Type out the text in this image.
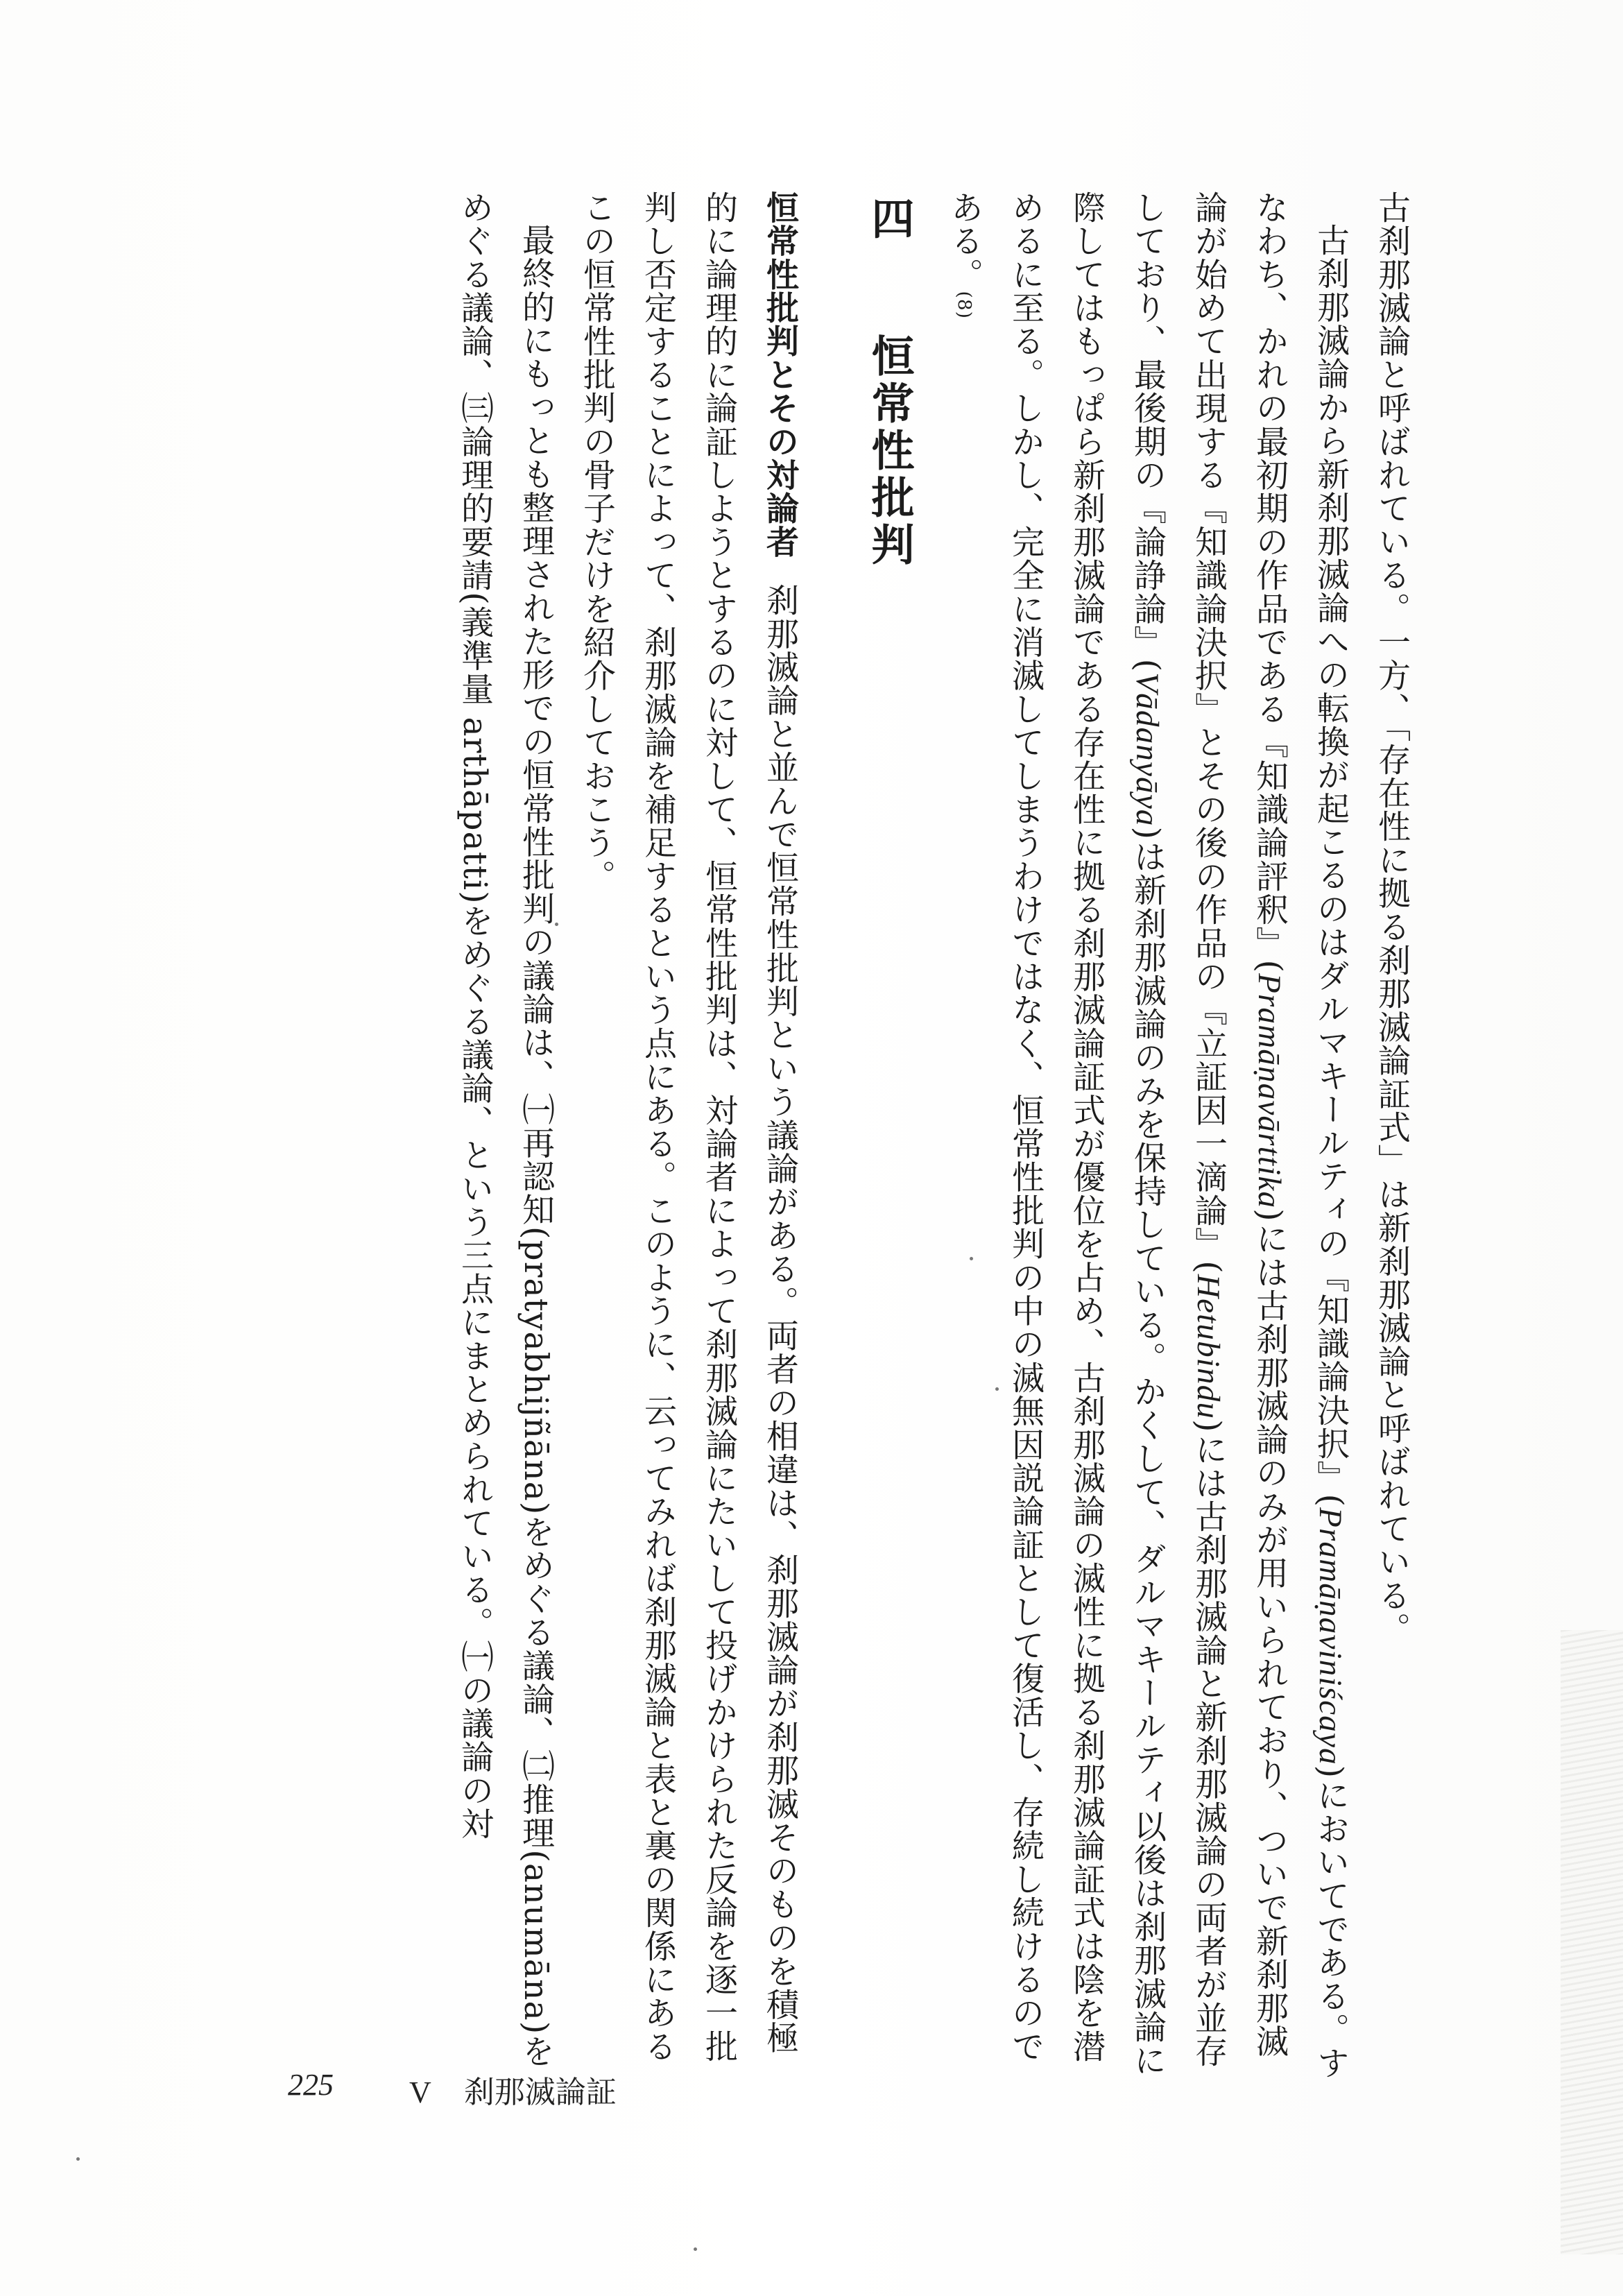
古刹那滅論と呼ばれている。一方、「存在性に拠る刹那滅論証式」は新刹那滅論と呼ばれている。

古刹那滅論から新刹那滅論への転換が起こるのはダルマキールティの『知識論決択』(Pramāṇaviniścaya)においてである。すなわち、かれの最初期の作品である『知識論評釈』(Pramāṇavārttika)には古刹那滅論のみが用いられており、ついで新刹那滅論が始めて出現する『知識論決択』とその後の作品の『立証因一滴論』(Hetubindu)には古刹那滅論と新刹那滅論の両者が並存しており、最後期の『論諍論』(Vādanyāya)は新刹那滅論のみを保持している。かくして、ダルマキールティ以後は刹那滅論に際してはもっぱら新刹那滅論である存在性に拠る刹那滅論証式が優位を占め、古刹那滅論の滅性に拠る刹那滅論証式は陰を潜めるに至る。しかし、完全に消滅してしまうわけではなく、恒常性批判の中の滅無因説論証として復活し、存続し続けるのである。(8)

四恒常性批判

恒常性批判とその対論者刹那滅論と並んで恒常性批判という議論がある。両者の相違は、刹那滅論が刹那滅そのものを積極的に論理的に論証しようとするのに対して、恒常性批判は、対論者によって刹那滅論にたいして投げかけられた反論を逐一批判し否定することによって、刹那滅論を補足するという点にある。このように、云ってみれば刹那滅論と表と裏の関係にあるこの恒常性批判の骨子だけを紹介しておこう。

最終的にもっとも整理された形での恒常性批判の議論は、㈠再認知(pratyabhijñāna)をめぐる議論、㈡推理(anumāna)をめぐる議論、㈢論理的要請(義準量 arthāpatti)をめぐる議論、という三点にまとめられている。㈠の議論の対

225 V 刹那滅論証
